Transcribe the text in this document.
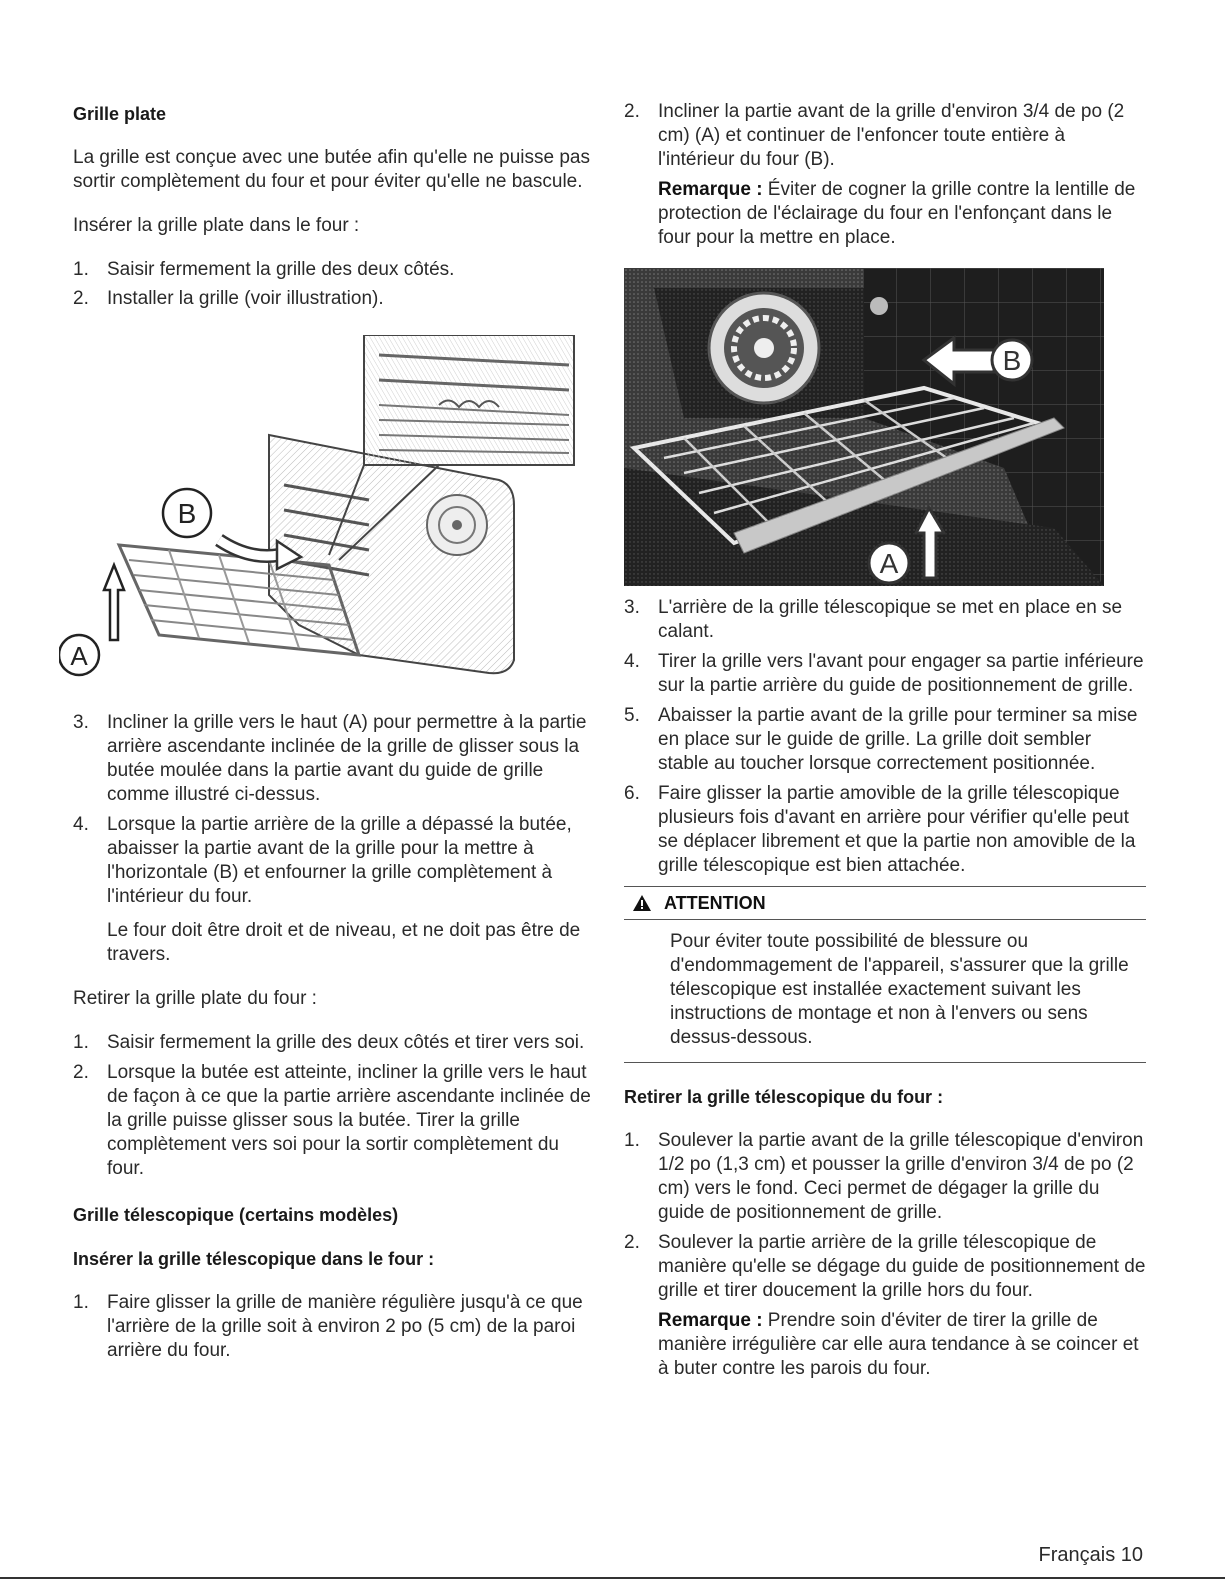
Grille plate

La grille est conçue avec une butée afin qu'elle ne puisse pas sortir complètement du four et pour éviter qu'elle ne bascule.

Insérer la grille plate dans le four :

1. Saisir fermement la grille des deux côtés.
2. Installer la grille (voir illustration).
B
A
3. Incliner la grille vers le haut (A) pour permettre à la partie arrière ascendante inclinée de la grille de glisser sous la butée moulée dans la partie avant du guide de grille comme illustré ci-dessus.
4. Lorsque la partie arrière de la grille a dépassé la butée, abaisser la partie avant de la grille pour la mettre à l'horizontale (B) et enfourner la grille complètement à l'intérieur du four.

Le four doit être droit et de niveau, et ne doit pas être de travers.

Retirer la grille plate du four :

1. Saisir fermement la grille des deux côtés et tirer vers soi.
2. Lorsque la butée est atteinte, incliner la grille vers le haut de façon à ce que la partie arrière ascendante inclinée de la grille puisse glisser sous la butée. Tirer la grille complètement vers soi pour la sortir complètement du four.
Grille télescopique (certains modèles)
Insérer la grille télescopique dans le four :
1. Faire glisser la grille de manière régulière jusqu'à ce que l'arrière de la grille soit à environ 2 po (5 cm) de la paroi arrière du four.
2. Incliner la partie avant de la grille d'environ 3/4 de po (2 cm) (A) et continuer de l'enfoncer toute entière à l'intérieur du four (B).

Remarque : Éviter de cogner la grille contre la lentille de protection de l'éclairage du four en l'enfonçant dans le four pour la mettre en place.

B
A
3. L'arrière de la grille télescopique se met en place en se calant.
4. Tirer la grille vers l'avant pour engager sa partie inférieure sur la partie arrière du guide de positionnement de grille.
5. Abaisser la partie avant de la grille pour terminer sa mise en place sur le guide de grille. La grille doit sembler stable au toucher lorsque correctement positionnée.
6. Faire glisser la partie amovible de la grille télescopique plusieurs fois d'avant en arrière pour vérifier qu'elle peut se déplacer librement et que la partie non amovible de la grille télescopique est bien attachée.
ATTENTION

Pour éviter toute possibilité de blessure ou d'endommagement de l'appareil, s'assurer que la grille télescopique est installée exactement suivant les instructions de montage et non à l'envers ou sens dessus-dessous.

Retirer la grille télescopique du four :
1. Soulever la partie avant de la grille télescopique d'environ 1/2 po (1,3 cm) et pousser la grille d'environ 3/4 de po (2 cm) vers le fond. Ceci permet de dégager la grille du guide de positionnement de grille.
2. Soulever la partie arrière de la grille télescopique de manière qu'elle se dégage du guide de positionnement de grille et tirer doucement la grille hors du four.

Remarque : Prendre soin d'éviter de tirer la grille de manière irrégulière car elle aura tendance à se coincer et à buter contre les parois du four.

Français 10
